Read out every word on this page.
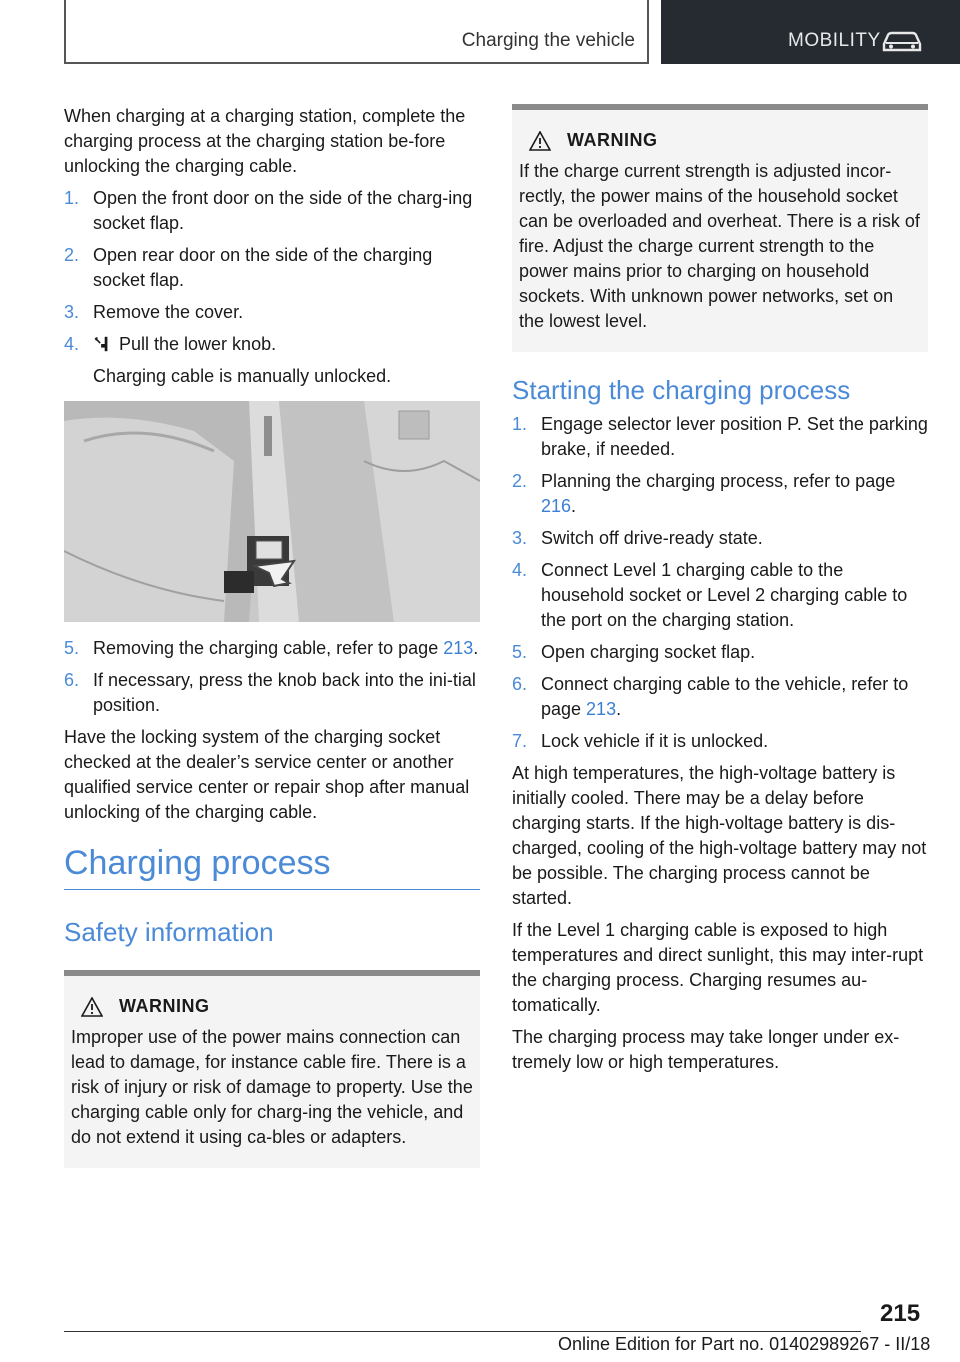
Charging the vehicle	MOBILITY

When charging at a charging station, complete the charging process at the charging station be-fore unlocking the charging cable.

1. Open the front door on the side of the charg-ing socket flap.
2. Open rear door on the side of the charging socket flap.
3. Remove the cover.
4. Pull the lower knob.

Charging cable is manually unlocked.

5. Removing the charging cable, refer to page 213.
6. If necessary, press the knob back into the ini-tial position.

Have the locking system of the charging socket checked at the dealer’s service center or another qualified service center or repair shop after manual unlocking of the charging cable.

Charging process
Safety information
WARNING

Improper use of the power mains connection can lead to damage, for instance cable fire. There is a risk of injury or risk of damage to property. Use the charging cable only for charg-ing the vehicle, and do not extend it using ca-bles or adapters.

WARNING

If the charge current strength is adjusted incor-rectly, the power mains of the household socket can be overloaded and overheat. There is a risk of fire. Adjust the charge current strength to the power mains prior to charging on household sockets. With unknown power networks, set on the lowest level.

Starting the charging process
1. Engage selector lever position P. Set the parking brake, if needed.
2. Planning the charging process, refer to page 216.
3. Switch off drive-ready state.
4. Connect Level 1 charging cable to the household socket or Level 2 charging cable to the port on the charging station.
5. Open charging socket flap.
6. Connect charging cable to the vehicle, refer to page 213.
7. Lock vehicle if it is unlocked.

At high temperatures, the high-voltage battery is initially cooled. There may be a delay before charging starts. If the high-voltage battery is dis-charged, cooling of the high-voltage battery may not be possible. The charging process cannot be started.

If the Level 1 charging cable is exposed to high temperatures and direct sunlight, this may inter-rupt the charging process. Charging resumes au-tomatically.

The charging process may take longer under ex-tremely low or high temperatures.

215
Online Edition for Part no. 01402989267 - II/18
